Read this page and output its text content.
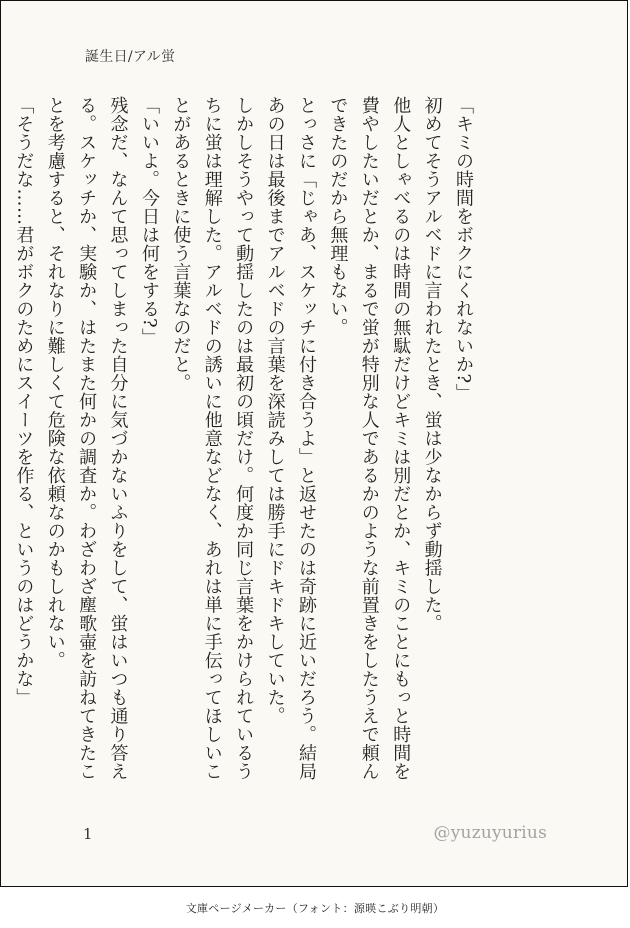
誕生日/アル蛍

「キミの時間をボクにくれないか?」

初めてそうアルベドに言われたとき、蛍は少なからず動揺した。

他人としゃべるのは時間の無駄だけどキミは別だとか、キミのことにもっと時間を費やしたいだとか、まるで蛍が特別な人であるかのような前置きをしたうえで頼んできたのだから無理もない。

とっさに「じゃあ、スケッチに付き合うよ」と返せたのは奇跡に近いだろう。結局あの日は最後までアルベドの言葉を深読みしては勝手にドキドキしていた。

しかしそうやって動揺したのは最初の頃だけ。何度か同じ言葉をかけられているうちに蛍は理解した。アルベドの誘いに他意などなく、あれは単に手伝ってほしいことがあるときに使う言葉なのだと。

「いいよ。今日は何をする?」

残念だ、なんて思ってしまった自分に気づかないふりをして、蛍はいつも通り答える。スケッチか、実験か、はたまた何かの調査か。わざわざ塵歌壷を訪ねてきたことを考慮すると、それなりに難しくて危険な依頼なのかもしれない。

「そうだな……君がボクのためにスイーツを作る、というのはどうかな」

1	@yuzuyurius
文庫ページメーカー（フォント：源暎こぶり明朝）
